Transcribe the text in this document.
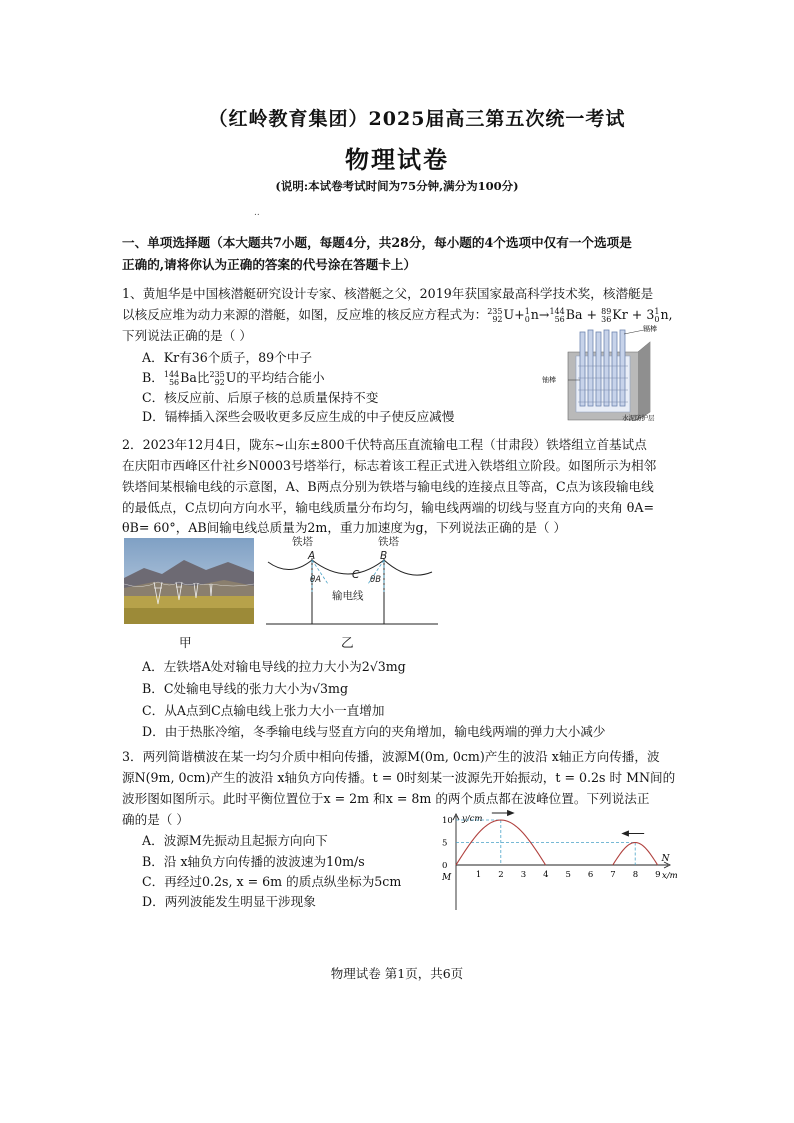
（红岭教育集团）2025届高三第五次统一考试
物理试卷
(说明:本试卷考试时间为75分钟,满分为100分)
..
一、单项选择题（本大题共7小题，每题4分，共28分，每小题的4个选项中仅有一个选项是
正确的,请将你认为正确的答案的代号涂在答题卡上）
1、黄旭华是中国核潜艇研究设计专家、核潜艇之父，2019年获国家最高科学技术奖，核潜艇是
以核反应堆为动力来源的潜艇，如图，反应堆的核反应方程式为：235
92U+1
0n→144
56Ba + 89
36Kr + 31
0n,
下列说法正确的是（ ）
A．Kr有36个质子，89个中子
B．144
56Ba比235
92U的平均结合能小
C．核反应前、后原子核的总质量保持不变
D．镉棒插入深些会吸收更多反应生成的中子使反应减慢
镉棒
铀棒
水泥防护层
2．2023年12月4日，陇东~山东±800千伏特高压直流输电工程（甘肃段）铁塔组立首基试点
在庆阳市西峰区什社乡N0003号塔举行，标志着该工程正式进入铁塔组立阶段。如图所示为相邻
铁塔间某根输电线的示意图，A、B两点分别为铁塔与输电线的连接点且等高，C点为该段输电线
的最低点，C点切向方向水平，输电线质量分布均匀，输电线两端的切线与竖直方向的夹角 θA=
θB= 60°，AB间输电线总质量为2m，重力加速度为g，下列说法正确的是（ ）
甲
铁塔	铁塔
A	B
C
θA	θB
输电线
乙
A．左铁塔A处对输电导线的拉力大小为2√3mg
B．C处输电导线的张力大小为√3mg
C．从A点到C点输电线上张力大小一直增加
D．由于热胀冷缩，冬季输电线与竖直方向的夹角增加，输电线两端的弹力大小减少
3．两列简谐横波在某一均匀介质中相向传播，波源M(0m, 0cm)产生的波沿 x轴正方向传播，波
源N(9m, 0cm)产生的波沿 x轴负方向传播。t = 0时刻某一波源先开始振动，t = 0.2s 时 MN间的
波形图如图所示。此时平衡位置位于x = 2m 和x = 8m 的两个质点都在波峰位置。下列说法正
确的是（ ）
A．波源M先振动且起振方向向下
B．沿 x轴负方向传播的波波速为10m/s
C．再经过0.2s, x = 6m 的质点纵坐标为5cm
D．两列波能发生明显干涉现象
y/cm
x/m
M
N
10
5
0
1 2 3 4 5 6 7 8 9
物理试卷 第1页，共6页
